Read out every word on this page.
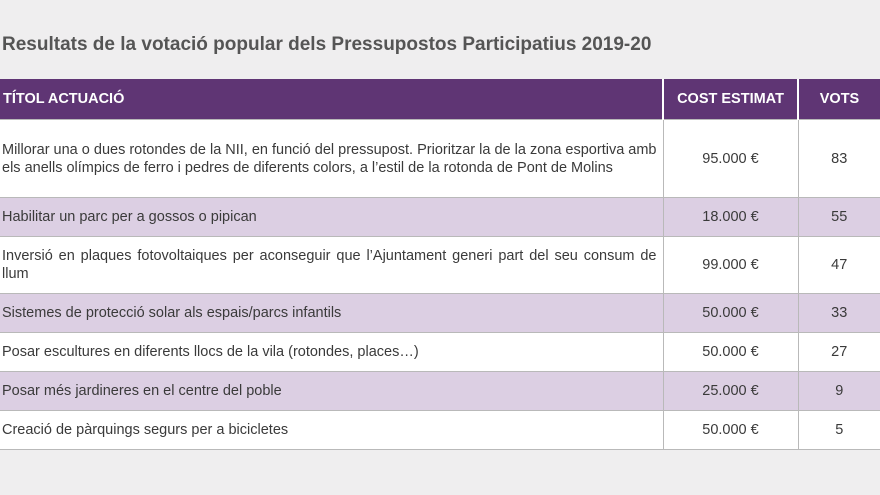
Resultats de la votació popular dels Pressupostos Participatius 2019-20
TÍTOL ACTUACIÓ	COST ESTIMAT	VOTS
Millorar una o dues rotondes de la NII, en funció del pressupost. Prioritzar la de la zona esportiva amb els anells olímpics de ferro i pedres de diferents colors, a l’estil de la rotonda de Pont de Molins	95.000 €	83
Habilitar un parc per a gossos o pipican	18.000 €	55
Inversió en plaques fotovoltaiques per aconseguir que l’Ajuntament generi part del seu consum de llum	99.000 €	47
Sistemes de protecció solar als espais/parcs infantils	50.000 €	33
Posar escultures en diferents llocs de la vila (rotondes, places…)	50.000 €	27
Posar més jardineres en el centre del poble	25.000 €	9
Creació de pàrquings segurs per a bicicletes	50.000 €	5
